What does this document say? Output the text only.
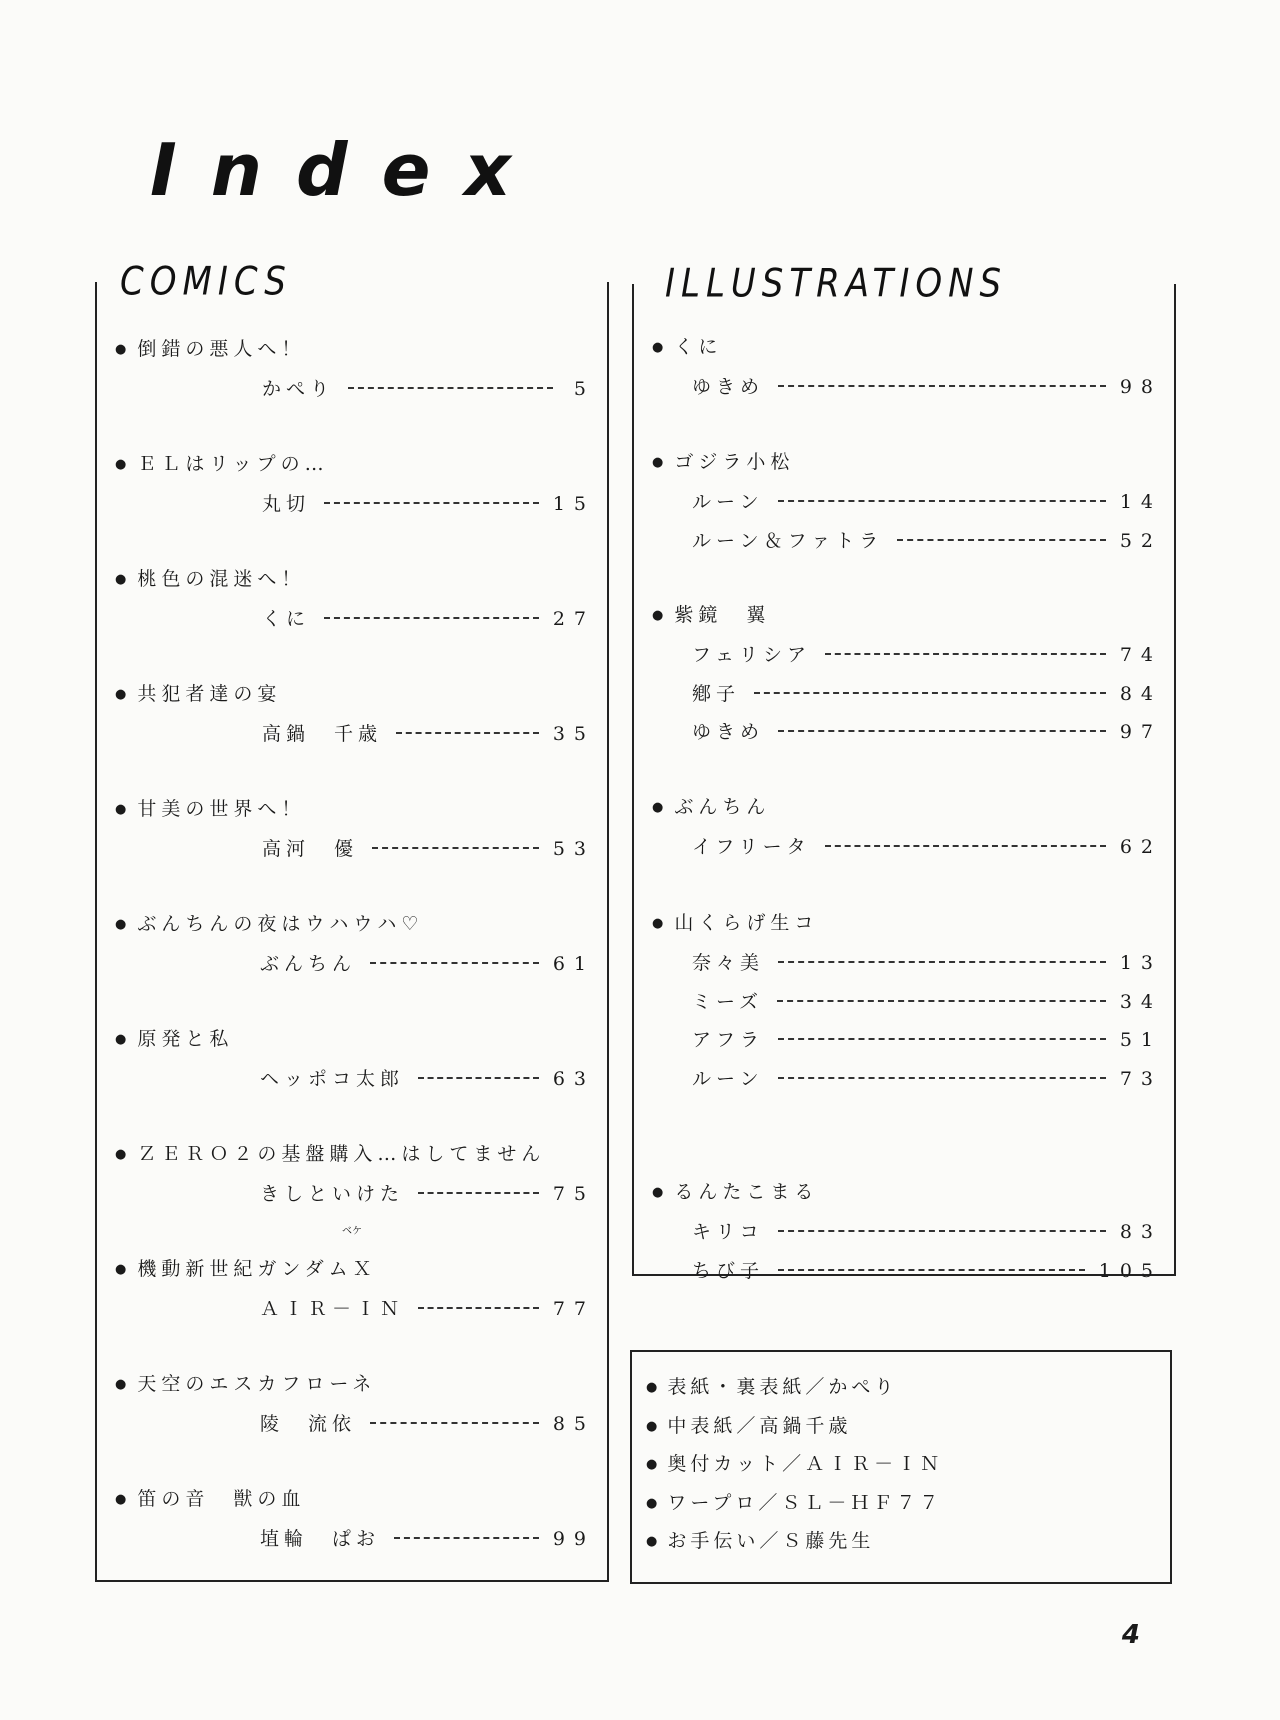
Index
COMICS
● 倒錯の悪人へ！
かぺり	5
● ＥＬはリップの…
丸切	15
● 桃色の混迷へ！
くに	27
● 共犯者達の宴
高鍋　千歳	35
● 甘美の世界へ！
高河　優	53
● ぶんちんの夜はウハウハ♡
ぶんちん	61
● 原発と私
ヘッポコ太郎	63
● ＺＥＲＯ２の基盤購入…はしてません
きしといけた	75
● 機動新世紀ガンダムＸ
ＡＩＲ－ＩＮ	77
● 天空のエスカフローネ
陵　流依	85
● 笛の音　獣の血
埴輪　ぱお	99
ベケ
ILLUSTRATIONS
● くに
ゆきめ	98
● ゴジラ小松
ルーン	14
ルーン＆ファトラ	52
● 紫鏡　翼
フェリシア	74
鄕子	84
ゆきめ	97
● ぶんちん
イフリータ	62
● 山くらげ生コ
奈々美	13
ミーズ	34
アフラ	51
ルーン	73
● るんたこまる
キリコ	83
ちび子	105
● 表紙・裏表紙／かぺり
● 中表紙／高鍋千歳
● 奥付カット／ＡＩＲ－ＩＮ
● ワープロ／ＳＬ－ＨＦ７７
● お手伝い／Ｓ藤先生
4
